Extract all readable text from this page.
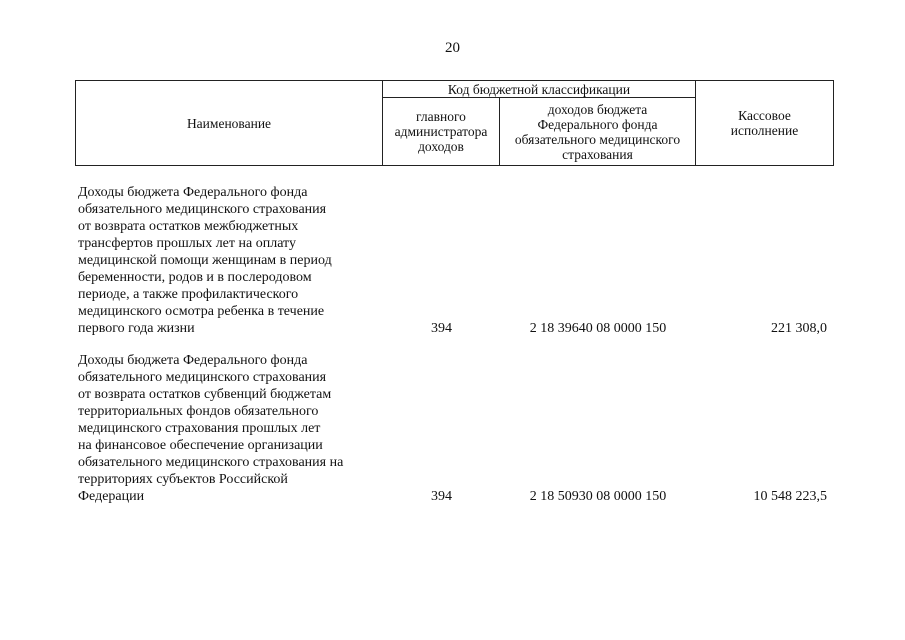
20
Наименование	Код бюджетной классификации		Кассовое исполнение
	главного администратора доходов	доходов бюджета Федерального фонда обязательного медицинского страхования	
Доходы бюджета Федерального фонда
обязательного медицинского страхования
от возврата остатков межбюджетных
трансфертов прошлых лет на оплату
медицинской помощи женщинам в период
беременности, родов и в послеродовом
периоде, а также профилактического
медицинского осмотра ребенка в течение
первого года жизни	394	2 18 39640 08 0000 150	221 308,0
Доходы бюджета Федерального фонда
обязательного медицинского страхования
от возврата остатков субвенций бюджетам
территориальных фондов обязательного
медицинского страхования прошлых лет
на финансовое обеспечение организации
обязательного медицинского страхования на
территориях субъектов Российской
Федерации	394	2 18 50930 08 0000 150	10 548 223,5
